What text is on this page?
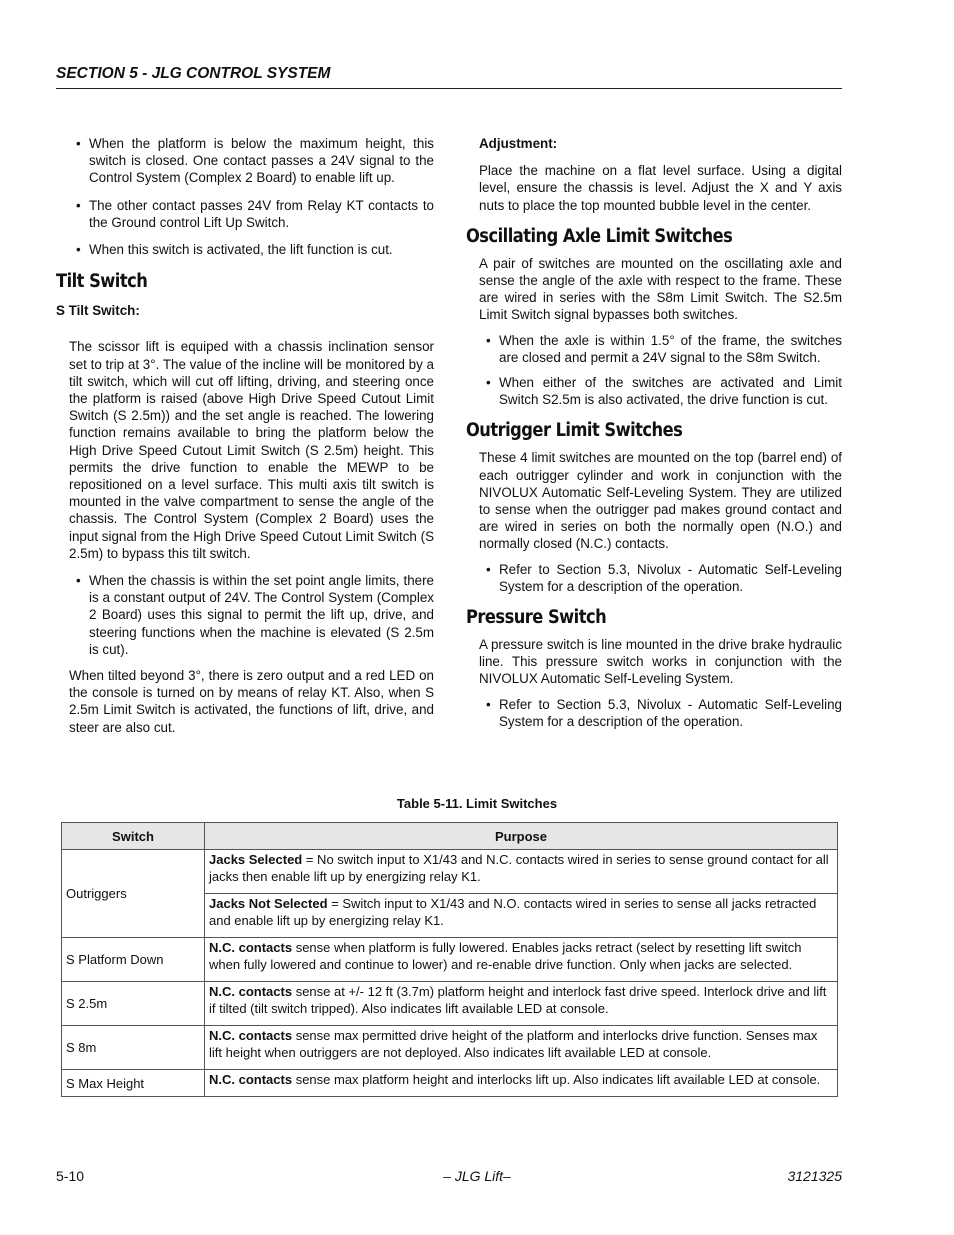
SECTION 5 - JLG CONTROL SYSTEM
• When the platform is below the maximum height, this switch is closed. One contact passes a 24V signal to the Control System (Complex 2 Board) to enable lift up.
• The other contact passes 24V from Relay KT contacts to the Ground control Lift Up Switch.
• When this switch is activated, the lift function is cut.
Tilt Switch

S Tilt Switch:

The scissor lift is equiped with a chassis inclination sensor set to trip at 3°. The value of the incline will be monitored by a tilt switch, which will cut off lifting, driving, and steering once the platform is raised (above High Drive Speed Cutout Limit Switch (S 2.5m)) and the set angle is reached. The lowering function remains available to bring the platform below the High Drive Speed Cutout Limit Switch (S 2.5m) height. This permits the drive function to enable the MEWP to be repositioned on a level surface. This multi axis tilt switch is mounted in the valve compartment to sense the angle of the chassis. The Control System (Complex 2 Board) uses the input signal from the High Drive Speed Cutout Limit Switch (S 2.5m) to bypass this tilt switch.

• When the chassis is within the set point angle limits, there is a constant output of 24V. The Control System (Complex 2 Board) uses this signal to permit the lift up, drive, and steering functions when the machine is elevated (S 2.5m is cut).

When tilted beyond 3°, there is zero output and a red LED on the console is turned on by means of relay KT. Also, when S 2.5m Limit Switch is activated, the functions of lift, drive, and steer are also cut.

Adjustment:

Place the machine on a flat level surface. Using a digital level, ensure the chassis is level. Adjust the X and Y axis nuts to place the top mounted bubble level in the center.

Oscillating Axle Limit Switches

A pair of switches are mounted on the oscillating axle and sense the angle of the axle with respect to the frame. These are wired in series with the S8m Limit Switch. The S2.5m Limit Switch signal bypasses both switches.

• When the axle is within 1.5° of the frame, the switches are closed and permit a 24V signal to the S8m Switch.
• When either of the switches are activated and Limit Switch S2.5m is also activated, the drive function is cut.
Outrigger Limit Switches

These 4 limit switches are mounted on the top (barrel end) of each outrigger cylinder and work in conjunction with the NIVOLUX Automatic Self-Leveling System. They are utilized to sense when the outrigger pad makes ground contact and are wired in series on both the normally open (N.O.) and normally closed (N.C.) contacts.

• Refer to Section 5.3, Nivolux - Automatic Self-Leveling System for a description of the operation.
Pressure Switch

A pressure switch is line mounted in the drive brake hydraulic line. This pressure switch works in conjunction with the NIVOLUX Automatic Self-Leveling System.

• Refer to Section 5.3, Nivolux - Automatic Self-Leveling System for a description of the operation.
Table 5-11. Limit Switches
Switch	Purpose
Outriggers	Jacks Selected = No switch input to X1/43 and N.C. contacts wired in series to sense ground contact for all jacks then enable lift up by energizing relay K1.
	Jacks Not Selected = Switch input to X1/43 and N.O. contacts wired in series to sense all jacks retracted and enable lift up by energizing relay K1.
S Platform Down	N.C. contacts sense when platform is fully lowered. Enables jacks retract (select by resetting lift switch when fully lowered and continue to lower) and re-enable drive function. Only when jacks are selected.
S 2.5m	N.C. contacts sense at +/- 12 ft (3.7m) platform height and interlock fast drive speed. Interlock drive and lift if tilted (tilt switch tripped). Also indicates lift available LED at console.
S 8m	N.C. contacts sense max permitted drive height of the platform and interlocks drive function. Senses max lift height when outriggers are not deployed. Also indicates lift available LED at console.
S Max Height	N.C. contacts sense max platform height and interlocks lift up. Also indicates lift available LED at console.
5-10	– JLG Lift–	3121325
